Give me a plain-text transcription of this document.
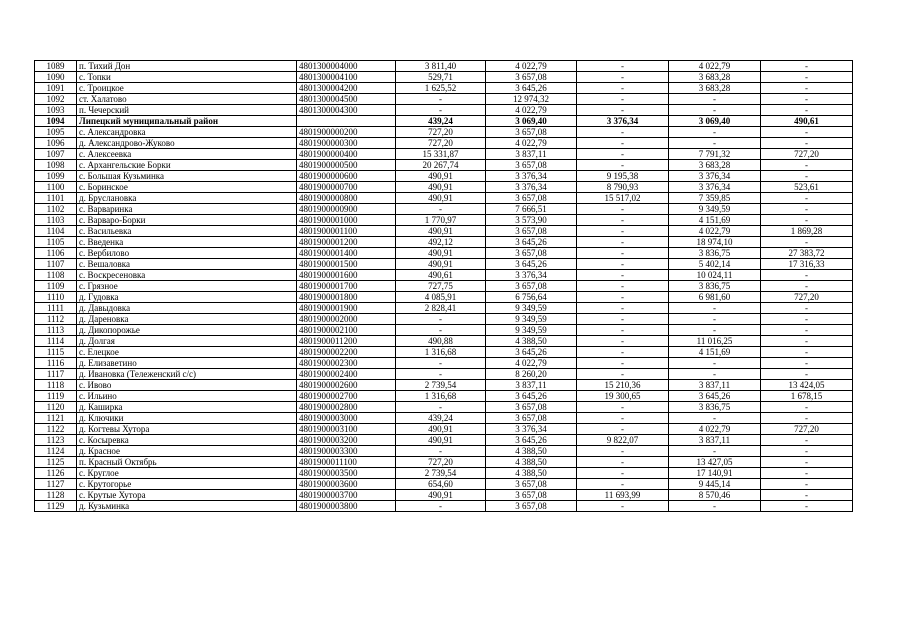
1089	п. Тихий Дон	4801300004000	3 811,40	4 022,79	-	4 022,79	-
1090	с. Топки	4801300004100	529,71	3 657,08	-	3 683,28	-
1091	с. Троицкое	4801300004200	1 625,52	3 645,26	-	3 683,28	-
1092	ст. Халатово	4801300004500	-	12 974,32	-	-	-
1093	п. Чечерский	4801300004300	-	4 022,79	-	-	-
1094	Липецкий муниципальный район		439,24	3 069,40	3 376,34	3 069,40	490,61
1095	с. Александровка	4801900000200	727,20	3 657,08	-	-	-
1096	д. Александрово-Жуково	4801900000300	727,20	4 022,79	-	-	-
1097	с. Алексеевка	4801900000400	15 331,87	3 837,11	-	7 791,32	727,20
1098	с. Архангельские Борки	4801900000500	20 267,74	3 657,08	-	3 683,28	-
1099	с. Большая Кузьминка	4801900000600	490,91	3 376,34	9 195,38	3 376,34	-
1100	с. Боринское	4801900000700	490,91	3 376,34	8 790,93	3 376,34	523,61
1101	д. Бруслановка	4801900000800	490,91	3 657,08	15 517,02	7 359,85	-
1102	с. Варваринка	4801900000900	-	7 666,51	-	9 349,59	-
1103	с. Варваро-Борки	4801900001000	1 770,97	3 573,90	-	4 151,69	-
1104	с. Васильевка	4801900001100	490,91	3 657,08	-	4 022,79	1 869,28
1105	с. Введенка	4801900001200	492,12	3 645,26	-	18 974,10	-
1106	с. Вербилово	4801900001400	490,91	3 657,08	-	3 836,75	27 383,72
1107	с. Вешаловка	4801900001500	490,91	3 645,26	-	5 402,14	17 316,33
1108	с. Воскресеновка	4801900001600	490,61	3 376,34	-	10 024,11	-
1109	с. Грязное	4801900001700	727,75	3 657,08	-	3 836,75	-
1110	д. Гудовка	4801900001800	4 085,91	6 756,64	-	6 981,60	727,20
1111	д. Давыдовка	4801900001900	2 828,41	9 349,59	-	-	-
1112	д. Дареновка	4801900002000	-	9 349,59	-	-	-
1113	д. Дикопорожье	4801900002100	-	9 349,59	-	-	-
1114	д. Долгая	4801900011200	490,88	4 388,50	-	11 016,25	-
1115	с. Елецкое	4801900002200	1 316,68	3 645,26	-	4 151,69	-
1116	д. Елизаветино	4801900002300	-	4 022,79	-	-	-
1117	д. Ивановка (Тележенский с/с)	4801900002400	-	8 260,20	-	-	-
1118	с. Ивово	4801900002600	2 739,54	3 837,11	15 210,36	3 837,11	13 424,05
1119	с. Ильино	4801900002700	1 316,68	3 645,26	19 300,65	3 645,26	1 678,15
1120	д. Каширка	4801900002800	-	3 657,08	-	3 836,75	-
1121	д. Ключики	4801900003000	439,24	3 657,08	-	-	-
1122	д. Когтевы Хутора	4801900003100	490,91	3 376,34	-	4 022,79	727,20
1123	с. Косыревка	4801900003200	490,91	3 645,26	9 822,07	3 837,11	-
1124	д. Красное	4801900003300	-	4 388,50	-	-	-
1125	п. Красный Октябрь	4801900011100	727,20	4 388,50	-	13 427,05	-
1126	с. Круглое	4801900003500	2 739,54	4 388,50	-	17 140,91	-
1127	с. Крутогорье	4801900003600	654,60	3 657,08	-	9 445,14	-
1128	с. Крутые Хутора	4801900003700	490,91	3 657,08	11 693,99	8 570,46	-
1129	д. Кузьминка	4801900003800	-	3 657,08	-	-	-
